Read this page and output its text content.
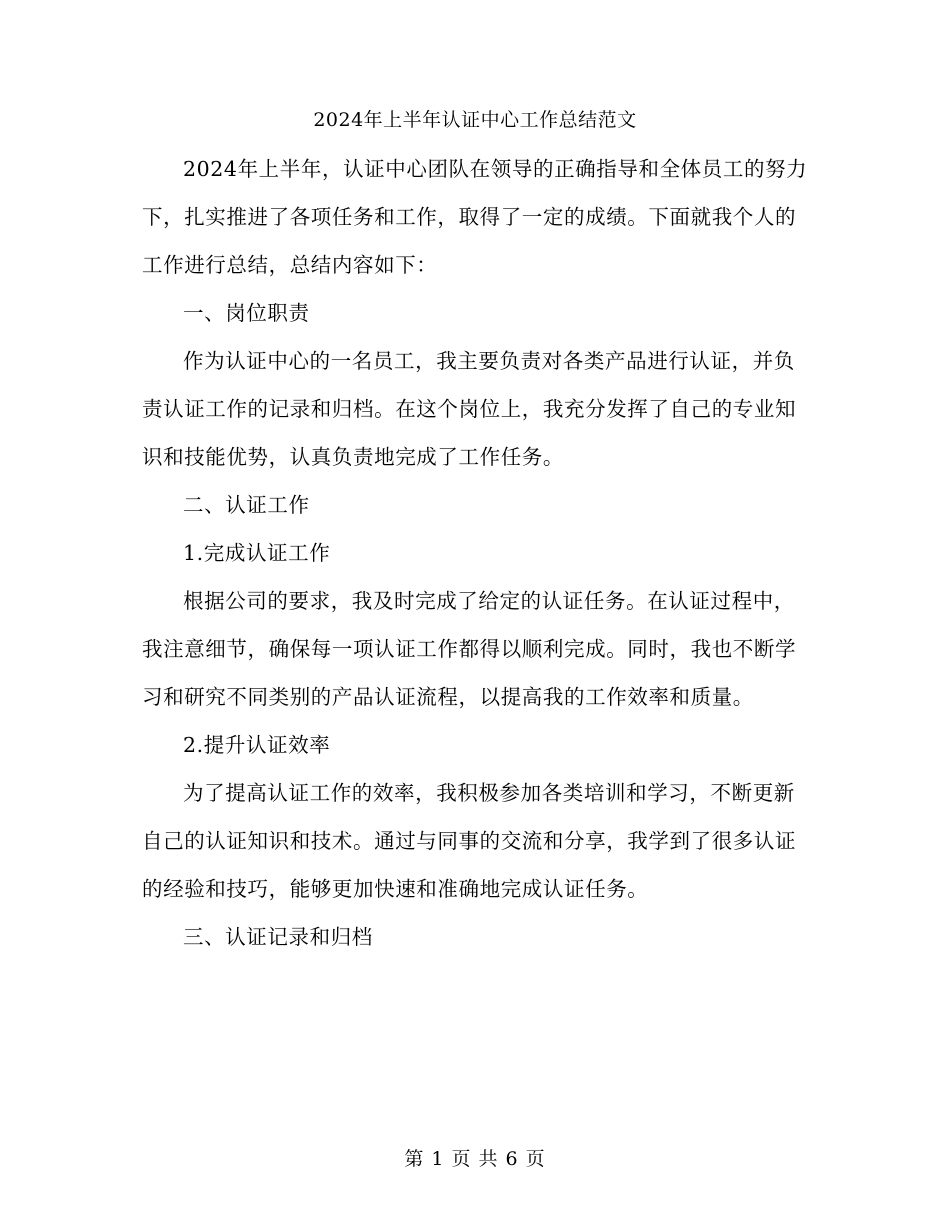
2024年上半年认证中心工作总结范文

2024年上半年，认证中心团队在领导的正确指导和全体员工的努力下，扎实推进了各项任务和工作，取得了一定的成绩。下面就我个人的工作进行总结，总结内容如下：

一、岗位职责

作为认证中心的一名员工，我主要负责对各类产品进行认证，并负责认证工作的记录和归档。在这个岗位上，我充分发挥了自己的专业知识和技能优势，认真负责地完成了工作任务。

二、认证工作

1.完成认证工作

根据公司的要求，我及时完成了给定的认证任务。在认证过程中，我注意细节，确保每一项认证工作都得以顺利完成。同时，我也不断学习和研究不同类别的产品认证流程，以提高我的工作效率和质量。

2.提升认证效率

为了提高认证工作的效率，我积极参加各类培训和学习，不断更新自己的认证知识和技术。通过与同事的交流和分享，我学到了很多认证的经验和技巧，能够更加快速和准确地完成认证任务。

三、认证记录和归档

第 1 页 共 6 页
